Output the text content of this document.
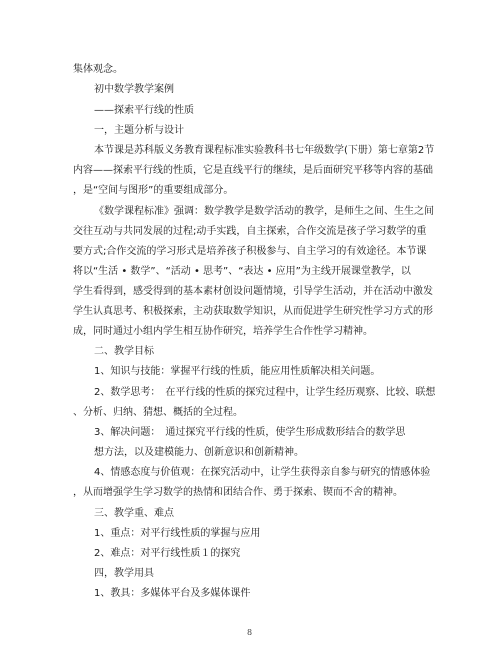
集体观念。
初中数学教学案例
——探索平行线的性质
一，主题分析与设计
本节课是苏科版义务教育课程标准实验教科书七年级数学(下册）第七章第2节
内容——探索平行线的性质，它是直线平行的继续，是后面研究平移等内容的基础
，是“空间与图形”的重要组成部分。
《数学课程标准》强调：数学教学是数学活动的教学，是师生之间、生生之间
交往互动与共同发展的过程;动手实践，自主探索，合作交流是孩子学习数学的重
要方式;合作交流的学习形式是培养孩子积极参与、自主学习的有效途径。本节课
将以“生活 • 数学”、“活动 • 思考”、“表达 • 应用”为主线开展课堂教学，以
学生看得到，感受得到的基本素材创设问题情境，引导学生活动，并在活动中激发
学生认真思考、积极探索，主动获取数学知识，从而促进学生研究性学习方式的形
成，同时通过小组内学生相互协作研究，培养学生合作性学习精神。
二、教学目标
1、知识与技能：掌握平行线的性质，能应用性质解决相关问题。
2、数学思考：　在平行线的性质的探究过程中，让学生经历观察、比较、联想
、分析、归纳、猜想、概括的全过程。
3、解决问题：　通过探究平行线的性质，使学生形成数形结合的数学思
想方法，以及建模能力、创新意识和创新精神。
4、情感态度与价值观：在探究活动中，让学生获得亲自参与研究的情感体验
，从而增强学生学习数学的热情和团结合作、勇于探索、锲而不舍的精神。
三、教学重、难点
1、重点：对平行线性质的掌握与应用
2、难点：对平行线性质１的探究
四，教学用具
1、教具：多媒体平台及多媒体课件
8
